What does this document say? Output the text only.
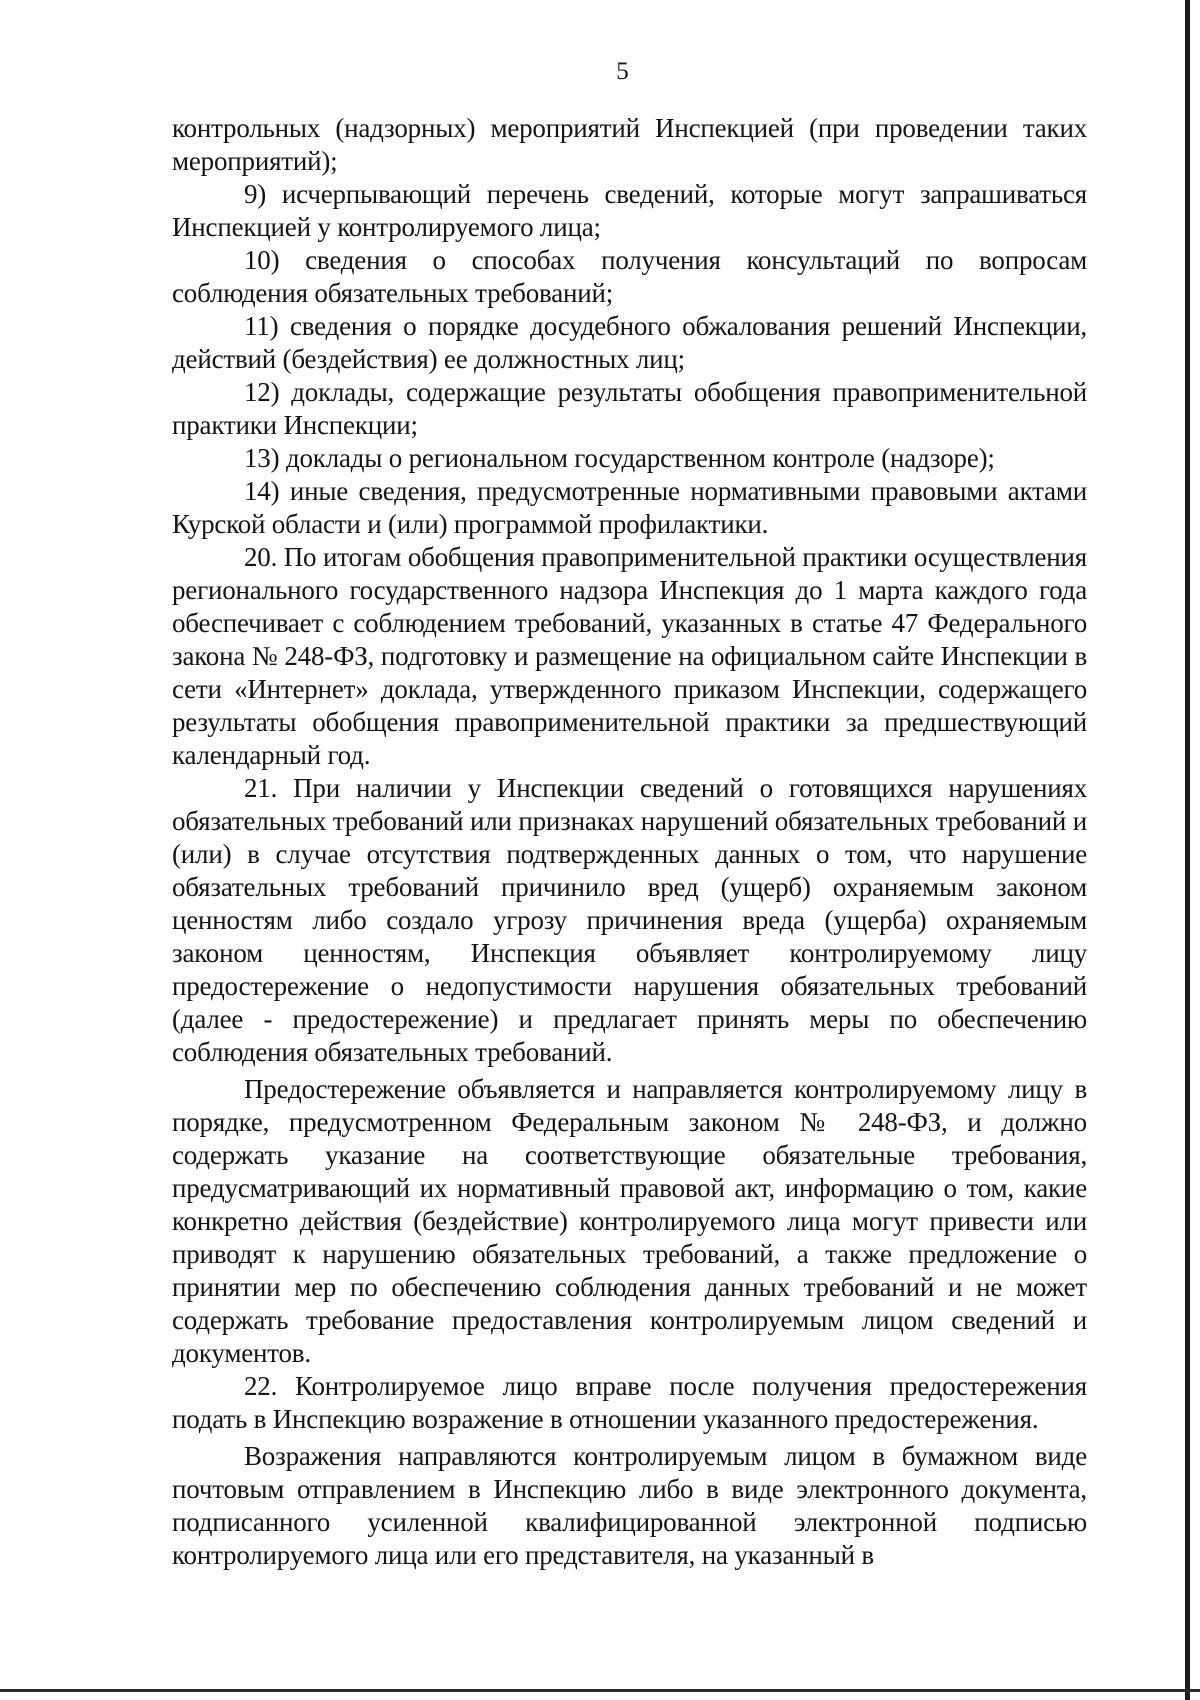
5

контрольных (надзорных) мероприятий Инспекцией (при проведении таких мероприятий);

9) исчерпывающий перечень сведений, которые могут запрашиваться Инспекцией у контролируемого лица;

10) сведения о способах получения консультаций по вопросам соблюдения обязательных требований;

11) сведения о порядке досудебного обжалования решений Инспекции, действий (бездействия) ее должностных лиц;

12) доклады, содержащие результаты обобщения правоприменительной практики Инспекции;

13) доклады о региональном государственном контроле (надзоре);

14) иные сведения, предусмотренные нормативными правовыми актами Курской области и (или) программой профилактики.

20. По итогам обобщения правоприменительной практики осуществления регионального государственного надзора Инспекция до 1 марта каждого года обеспечивает с соблюдением требований, указанных в статье 47 Федерального закона № 248-ФЗ, подготовку и размещение на официальном сайте Инспекции в сети «Интернет» доклада, утвержденного приказом Инспекции, содержащего результаты обобщения правоприменительной практики за предшествующий календарный год.

21. При наличии у Инспекции сведений о готовящихся нарушениях обязательных требований или признаках нарушений обязательных требований и (или) в случае отсутствия подтвержденных данных о том, что нарушение обязательных требований причинило вред (ущерб) охраняемым законом ценностям либо создало угрозу причинения вреда (ущерба) охраняемым законом ценностям, Инспекция объявляет контролируемому лицу предостережение о недопустимости нарушения обязательных требований (далее - предостережение) и предлагает принять меры по обеспечению соблюдения обязательных требований.

Предостережение объявляется и направляется контролируемому лицу в порядке, предусмотренном Федеральным законом № 248-ФЗ, и должно содержать указание на соответствующие обязательные требования, предусматривающий их нормативный правовой акт, информацию о том, какие конкретно действия (бездействие) контролируемого лица могут привести или приводят к нарушению обязательных требований, а также предложение о принятии мер по обеспечению соблюдения данных требований и не может содержать требование предоставления контролируемым лицом сведений и документов.

22. Контролируемое лицо вправе после получения предостережения подать в Инспекцию возражение в отношении указанного предостережения.

Возражения направляются контролируемым лицом в бумажном виде почтовым отправлением в Инспекцию либо в виде электронного документа, подписанного усиленной квалифицированной электронной подписью контролируемого лица или его представителя, на указанный в
